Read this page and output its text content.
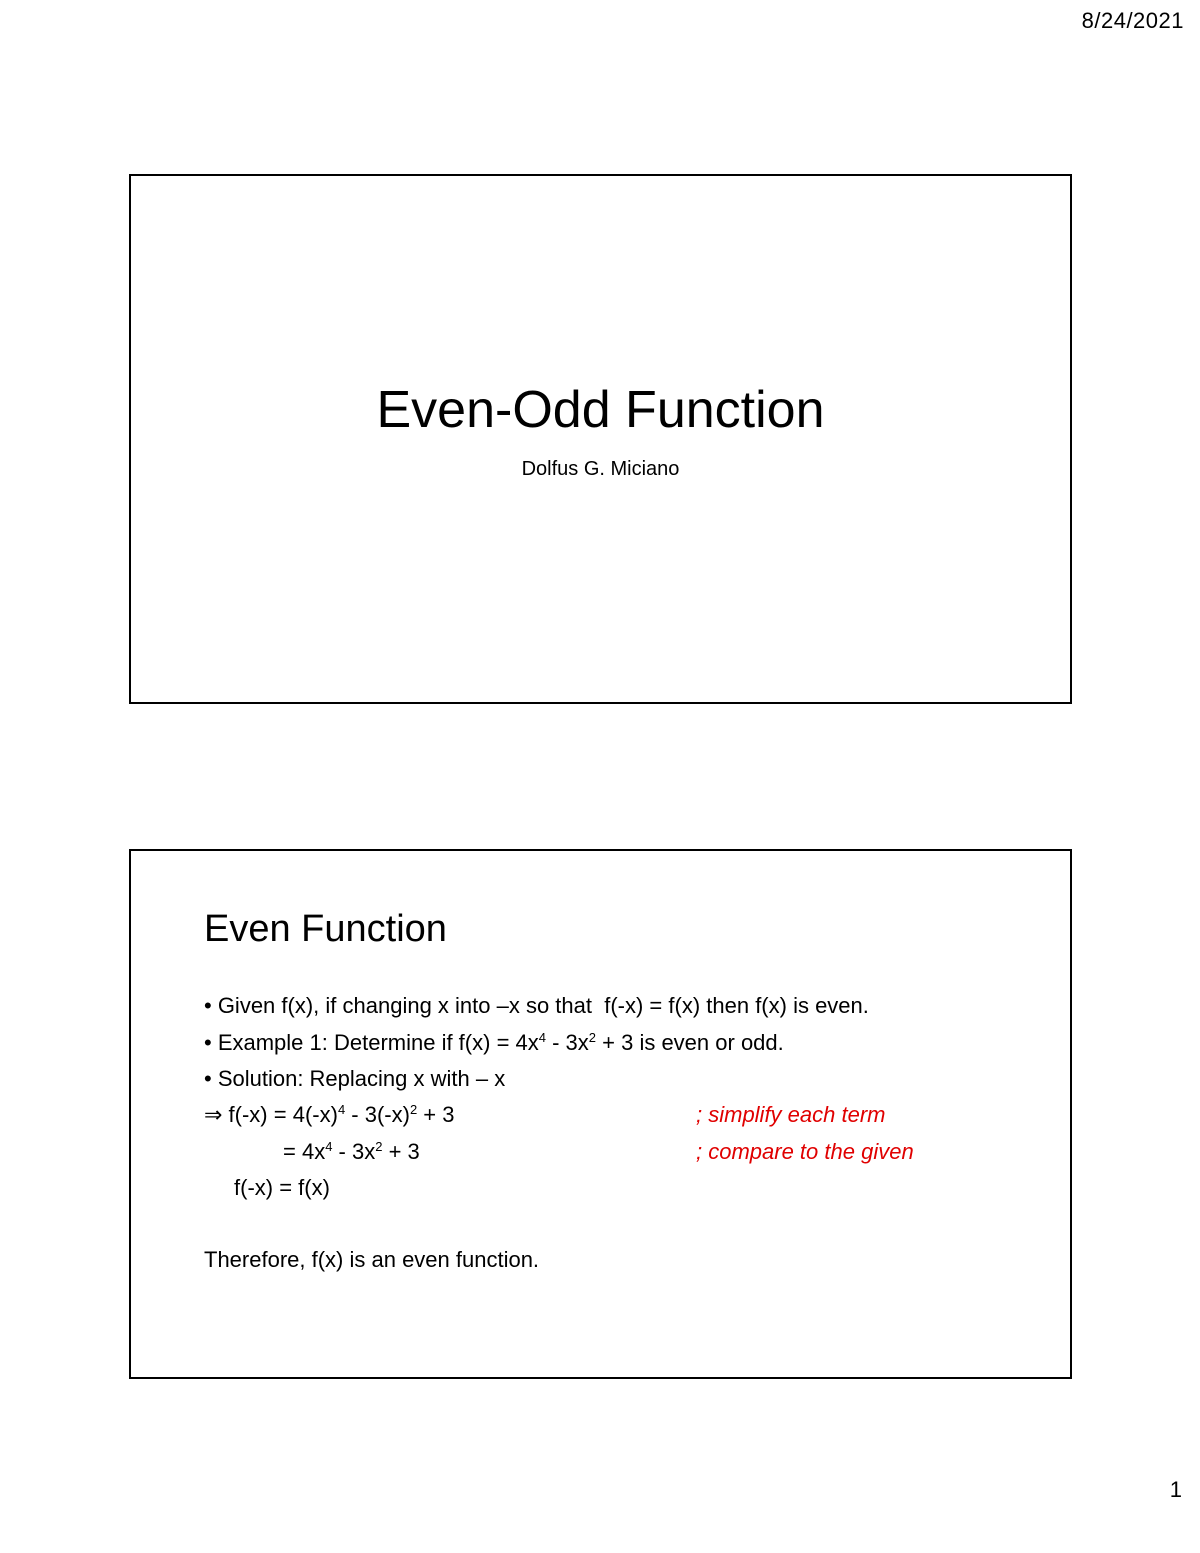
8/24/2021
Even-Odd Function
Dolfus G. Miciano
Even Function
• Given f(x), if changing x into –x so that  f(-x) = f(x) then f(x) is even.
• Example 1: Determine if $f(x) = 4x^4 - 3x^2 + 3$ is even or odd.
• Solution: Replacing x with – x
⇒ $f(-x) = 4(-x)^4 - 3(-x)^2 + 3$	; simplify each term
= $4x^4 - 3x^2 + 3$	; compare to the given
f(-x) = f(x)
Therefore, f(x) is an even function.
1
